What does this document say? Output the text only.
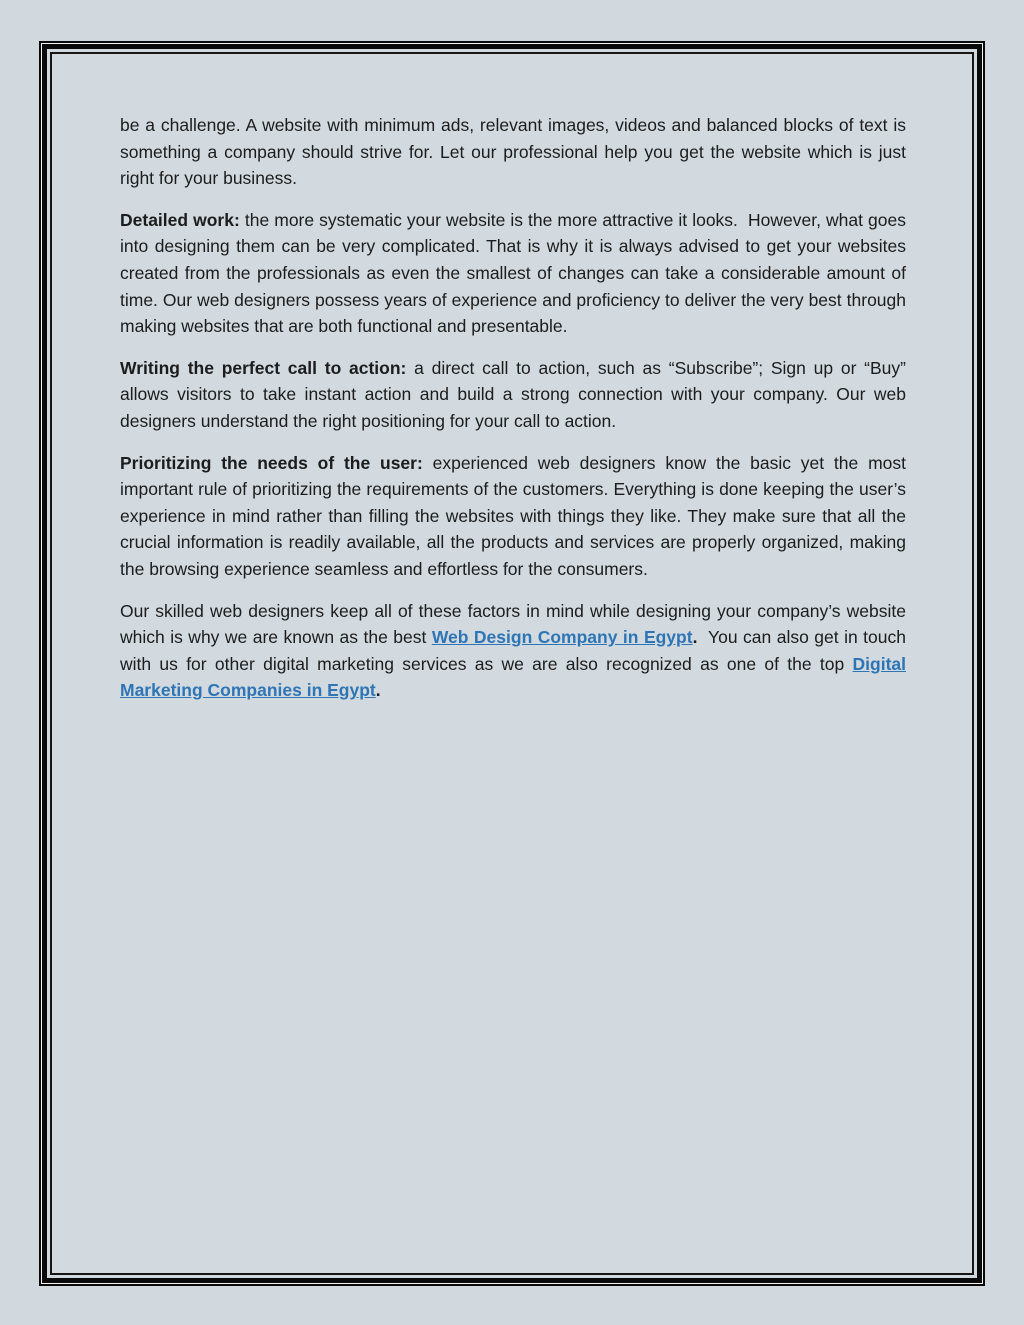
be a challenge. A website with minimum ads, relevant images, videos and balanced blocks of text is something a company should strive for. Let our professional help you get the website which is just right for your business.

Detailed work: the more systematic your website is the more attractive it looks.  However, what goes into designing them can be very complicated. That is why it is always advised to get your websites created from the professionals as even the smallest of changes can take a considerable amount of time. Our web designers possess years of experience and proficiency to deliver the very best through making websites that are both functional and presentable.

Writing the perfect call to action: a direct call to action, such as “Subscribe”; Sign up or “Buy” allows visitors to take instant action and build a strong connection with your company. Our web designers understand the right positioning for your call to action.

Prioritizing the needs of the user: experienced web designers know the basic yet the most important rule of prioritizing the requirements of the customers. Everything is done keeping the user’s experience in mind rather than filling the websites with things they like. They make sure that all the crucial information is readily available, all the products and services are properly organized, making the browsing experience seamless and effortless for the consumers.

Our skilled web designers keep all of these factors in mind while designing your company’s website which is why we are known as the best Web Design Company in Egypt.  You can also get in touch with us for other digital marketing services as we are also recognized as one of the top Digital Marketing Companies in Egypt.
